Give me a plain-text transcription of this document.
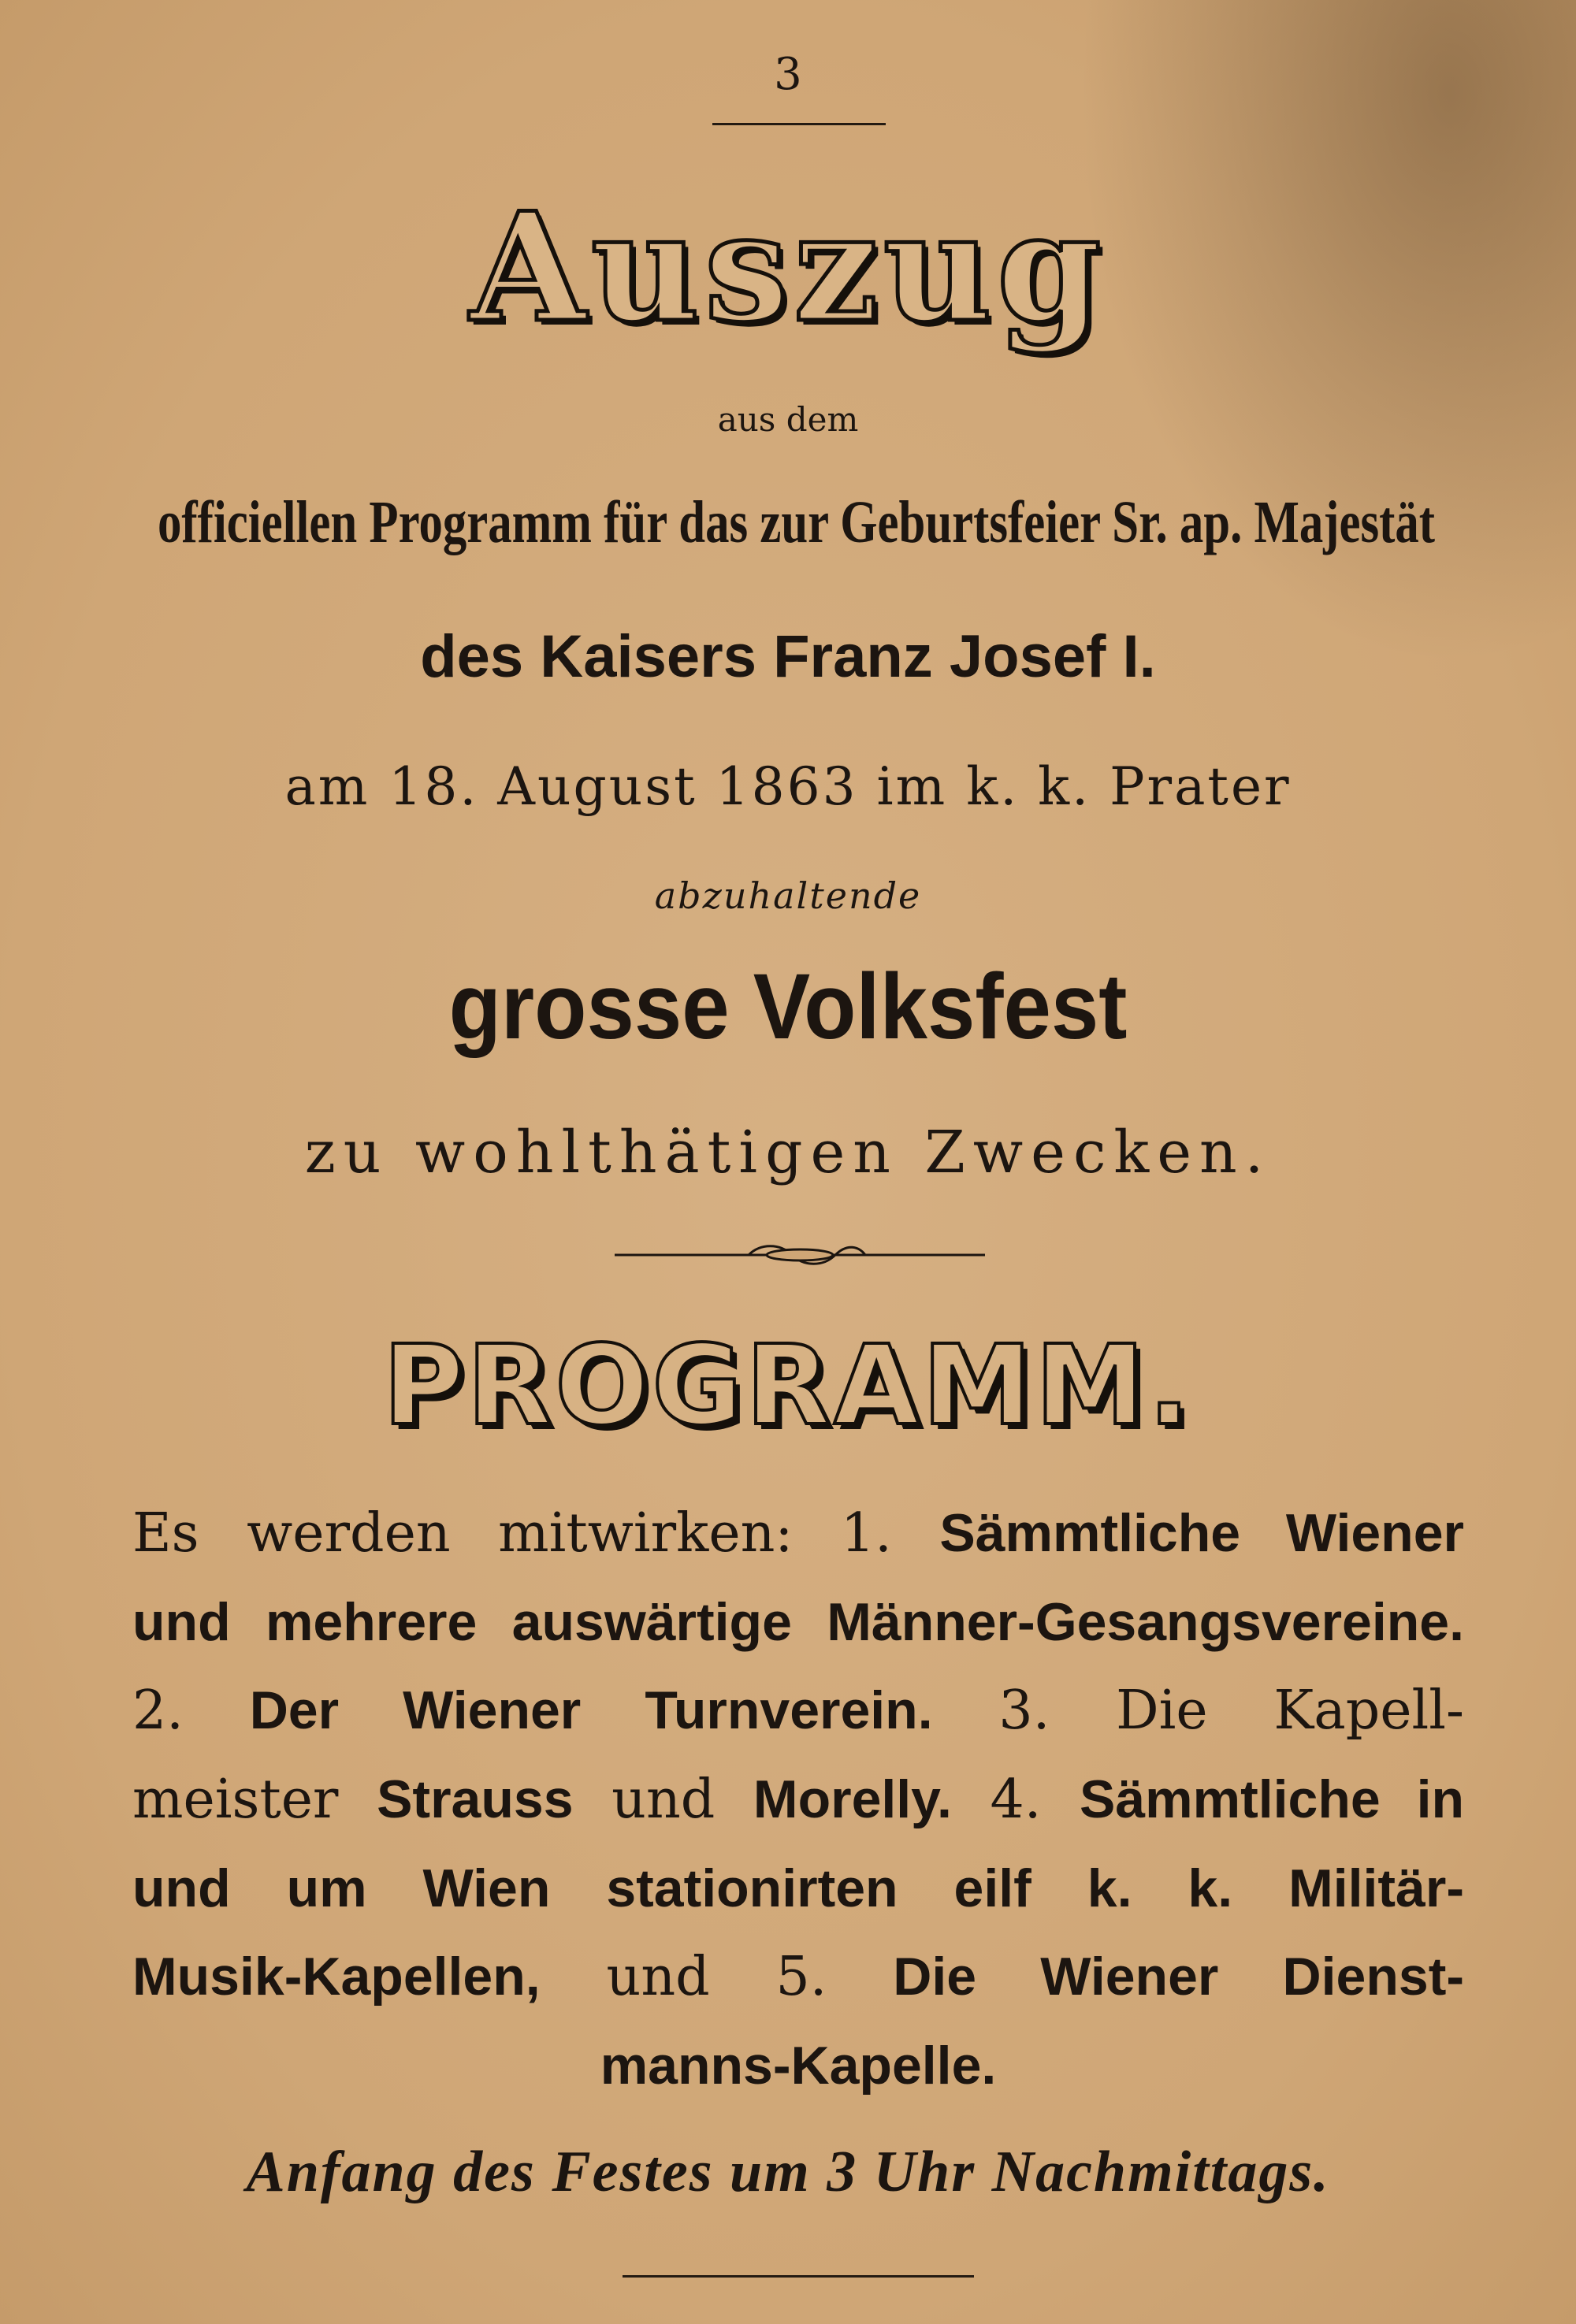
3
Auszug
aus dem
officiellen Programm für das zur Geburtsfeier Sr. ap. Majestät
des Kaisers Franz Josef I.
am 18. August 1863 im k. k. Prater
abzuhaltende
grosse Volksfest
zu wohlthätigen Zwecken.
PROGRAMM.
Es werden mitwirken: 1. Sämmtliche Wiener
und mehrere auswärtige Männer-Gesangsvereine.
2. Der Wiener Turnverein. 3. Die Kapell-
meister Strauss und Morelly. 4. Sämmtliche in
und um Wien stationirten eilf k. k. Militär-
Musik-Kapellen, und 5. Die Wiener Dienst-
manns-Kapelle.
Anfang des Festes um 3 Uhr Nachmittags.
